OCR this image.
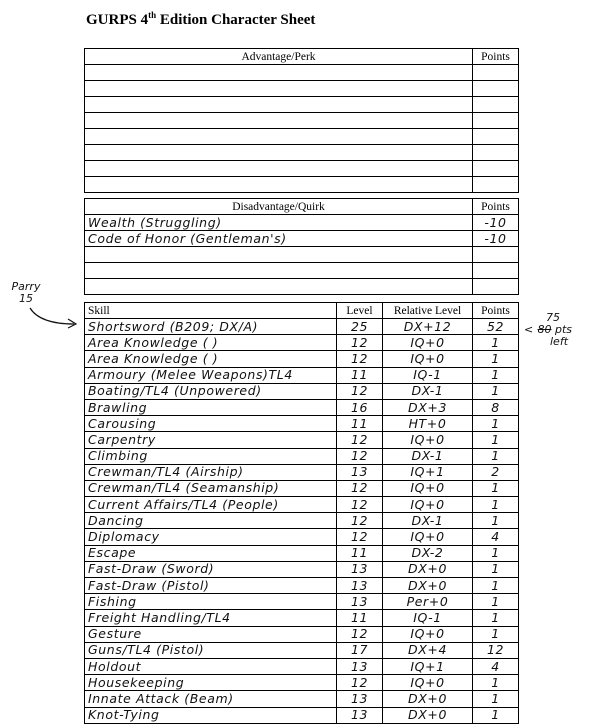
GURPS 4th Edition Character Sheet
Advantage/Perk	Points

Disadvantage/Quirk	Points
Wealth (Struggling)	-10
Code of Honor (Gentleman's)	-10

Skill	Level	Relative Level	Points
Shortsword (B209; DX/A)	25	DX+12	52
Area Knowledge ( )	12	IQ+0	1
Area Knowledge ( )	12	IQ+0	1
Armoury (Melee Weapons)TL4	11	IQ-1	1
Boating/TL4 (Unpowered)	12	DX-1	1
Brawling	16	DX+3	8
Carousing	11	HT+0	1
Carpentry	12	IQ+0	1
Climbing	12	DX-1	1
Crewman/TL4 (Airship)	13	IQ+1	2
Crewman/TL4 (Seamanship)	12	IQ+0	1
Current Affairs/TL4 (People)	12	IQ+0	1
Dancing	12	DX-1	1
Diplomacy	12	IQ+0	4
Escape	11	DX-2	1
Fast-Draw (Sword)	13	DX+0	1
Fast-Draw (Pistol)	13	DX+0	1
Fishing	13	Per+0	1
Freight Handling/TL4	11	IQ-1	1
Gesture	12	IQ+0	1
Guns/TL4 (Pistol)	17	DX+4	12
Holdout	13	IQ+1	4
Housekeeping	12	IQ+0	1
Innate Attack (Beam)	13	DX+0	1
Knot-Tying	13	DX+0	1
Parry
15
75
< 80 pts
left
